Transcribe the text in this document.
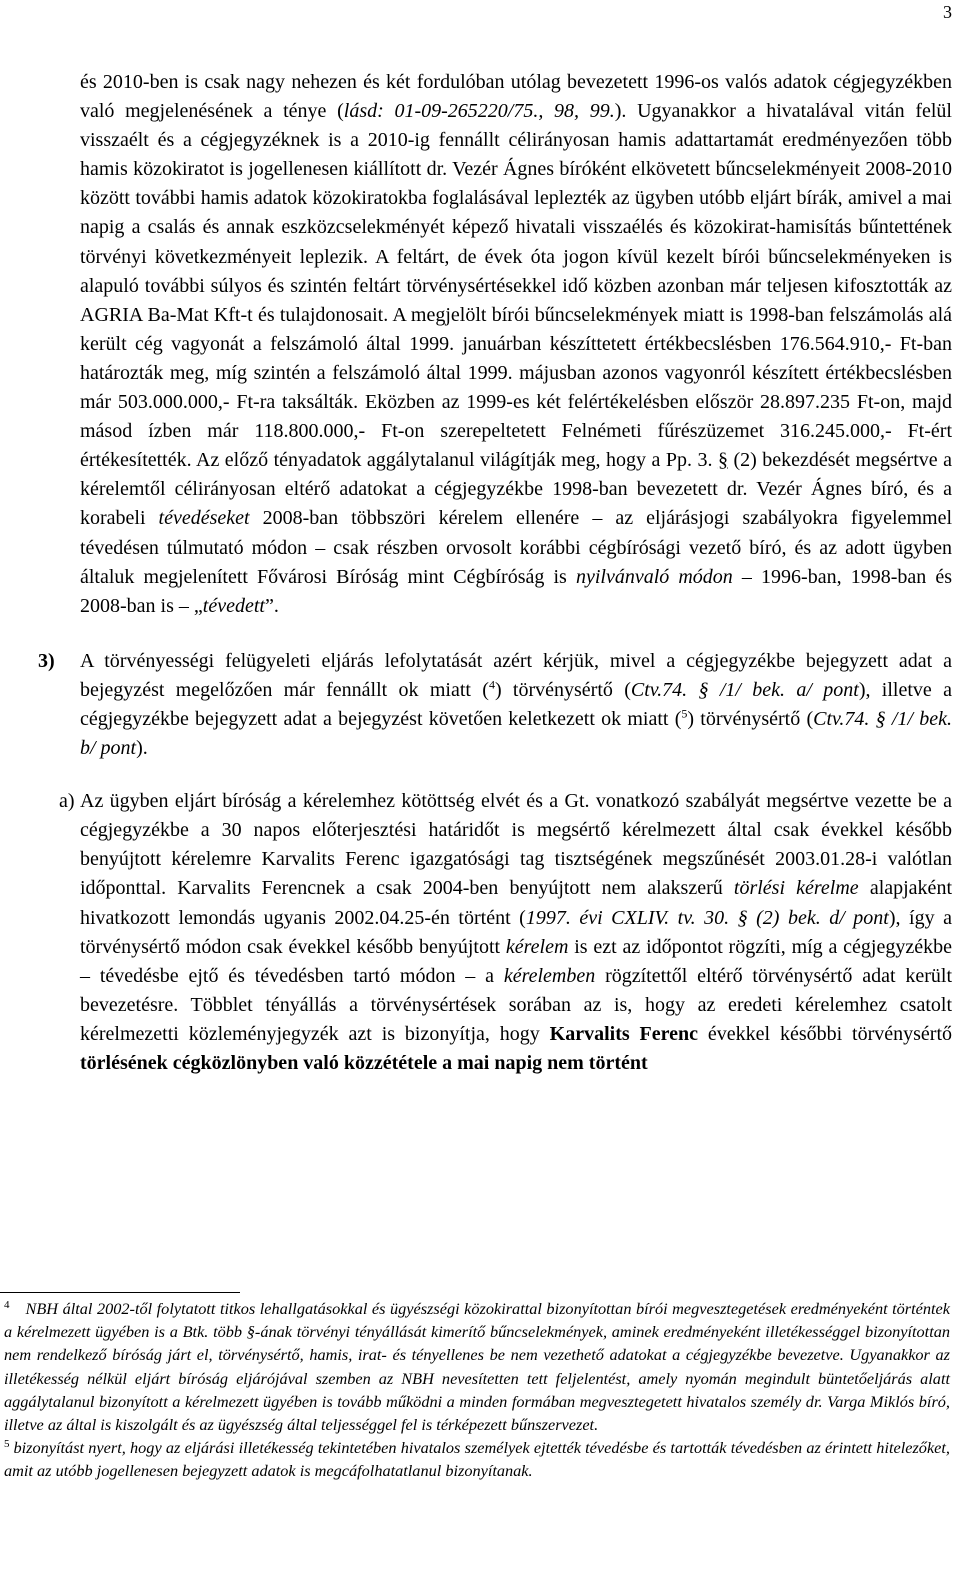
3

és 2010-ben is csak nagy nehezen és két fordulóban utólag bevezetett 1996-os valós adatok cégjegyzékben való megjelenésének a ténye (lásd: 01-09-265220/75., 98, 99.). Ugyanakkor a hivatalával vitán felül visszaélt és a cégjegyzéknek is a 2010-ig fennállt célirányosan hamis adattartamát eredményezően több hamis közokiratot is jogellenesen kiállított dr. Vezér Ágnes bíróként elkövetett bűncselekményeit 2008-2010 között további hamis adatok közokiratokba foglalásával leplezték az ügyben utóbb eljárt bírák, amivel a mai napig a csalás és annak eszközcselekményét képező hivatali visszaélés és közokirat-hamisítás bűntettének törvényi következményeit leplezik. A feltárt, de évek óta jogon kívül kezelt bírói bűncselekményeken is alapuló további súlyos és szintén feltárt törvénysértésekkel idő közben azonban már teljesen kifosztották az AGRIA Ba-Mat Kft-t és tulajdonosait. A megjelölt bírói bűncselekmények miatt is 1998-ban felszámolás alá került cég vagyonát a felszámoló által 1999. januárban készíttetett értékbecslésben 176.564.910,- Ft-ban határozták meg, míg szintén a felszámoló által 1999. májusban azonos vagyonról készített értékbecslésben már 503.000.000,- Ft-ra taksálták. Eközben az 1999-es két felértékelésben először 28.897.235 Ft-on, majd másod ízben már 118.800.000,- Ft-on szerepeltetett Felnémeti fűrészüzemet 316.245.000,- Ft-ért értékesítették. Az előző tényadatok aggálytalanul világítják meg, hogy a Pp. 3. § (2) bekezdését megsértve a kérelemtől célirányosan eltérő adatokat a cégjegyzékbe 1998-ban bevezetett dr. Vezér Ágnes bíró, és a korabeli tévedéseket 2008-ban többszöri kérelem ellenére – az eljárásjogi szabályokra figyelemmel tévedésen túlmutató módon – csak részben orvosolt korábbi cégbírósági vezető bíró, és az adott ügyben általuk megjelenített Fővárosi Bíróság mint Cégbíróság is nyilvánvaló módon – 1996-ban, 1998-ban és 2008-ban is – „tévedett”.

3) A törvényességi felügyeleti eljárás lefolytatását azért kérjük, mivel a cégjegyzékbe bejegyzett adat a bejegyzést megelőzően már fennállt ok miatt ($^4$) törvénysértő (Ctv.74. § /1/ bek. a/ pont), illetve a cégjegyzékbe bejegyzett adat a bejegyzést követően keletkezett ok miatt ($^5$) törvénysértő (Ctv.74. § /1/ bek. b/ pont).

a) Az ügyben eljárt bíróság a kérelemhez kötöttség elvét és a Gt. vonatkozó szabályát megsértve vezette be a cégjegyzékbe a 30 napos előterjesztési határidőt is megsértő kérelmezett által csak évekkel később benyújtott kérelemre Karvalits Ferenc igazgatósági tag tisztségének megszűnését 2003.01.28-i valótlan időponttal. Karvalits Ferencnek a csak 2004-ben benyújtott nem alakszerű törlési kérelme alapjaként hivatkozott lemondás ugyanis 2002.04.25-én történt (1997. évi CXLIV. tv. 30. § (2) bek. d/ pont), így a törvénysértő módon csak évekkel később benyújtott kérelem is ezt az időpontot rögzíti, míg a cégjegyzékbe – tévedésbe ejtő és tévedésben tartó módon – a kérelemben rögzítettől eltérő törvénysértő adat került bevezetésre. Többlet tényállás a törvénysértések sorában az is, hogy az eredeti kérelemhez csatolt kérelmezetti közleményjegyzék azt is bizonyítja, hogy Karvalits Ferenc évekkel későbbi törvénysértő törlésének cégközlönyben való közzététele a mai napig nem történt

$^4$ NBH által 2002-től folytatott titkos lehallgatásokkal és ügyészségi közokirattal bizonyítottan bírói megvesztegetések eredményeként történtek a kérelmezett ügyében is a Btk. több §-ának törvényi tényállását kimerítő bűncselekmények, aminek eredményeként illetékességgel bizonyítottan nem rendelkező bíróság járt el, törvénysértő, hamis, irat- és tényellenes be nem vezethető adatokat a cégjegyzékbe bevezetve. Ugyanakkor az illetékesség nélkül eljárt bíróság eljárójával szemben az NBH nevesítetten tett feljelentést, amely nyomán megindult büntetőeljárás alatt aggálytalanul bizonyított a kérelmezett ügyében is tovább működni a minden formában megvesztegetett hivatalos személy dr. Varga Miklós bíró, illetve az által is kiszolgált és az ügyészség által teljességgel fel is térképezett bűnszervezet.

$^5$ bizonyítást nyert, hogy az eljárási illetékesség tekintetében hivatalos személyek ejtették tévedésbe és tartották tévedésben az érintett hitelezőket, amit az utóbb jogellenesen bejegyzett adatok is megcáfolhatatlanul bizonyítanak.
